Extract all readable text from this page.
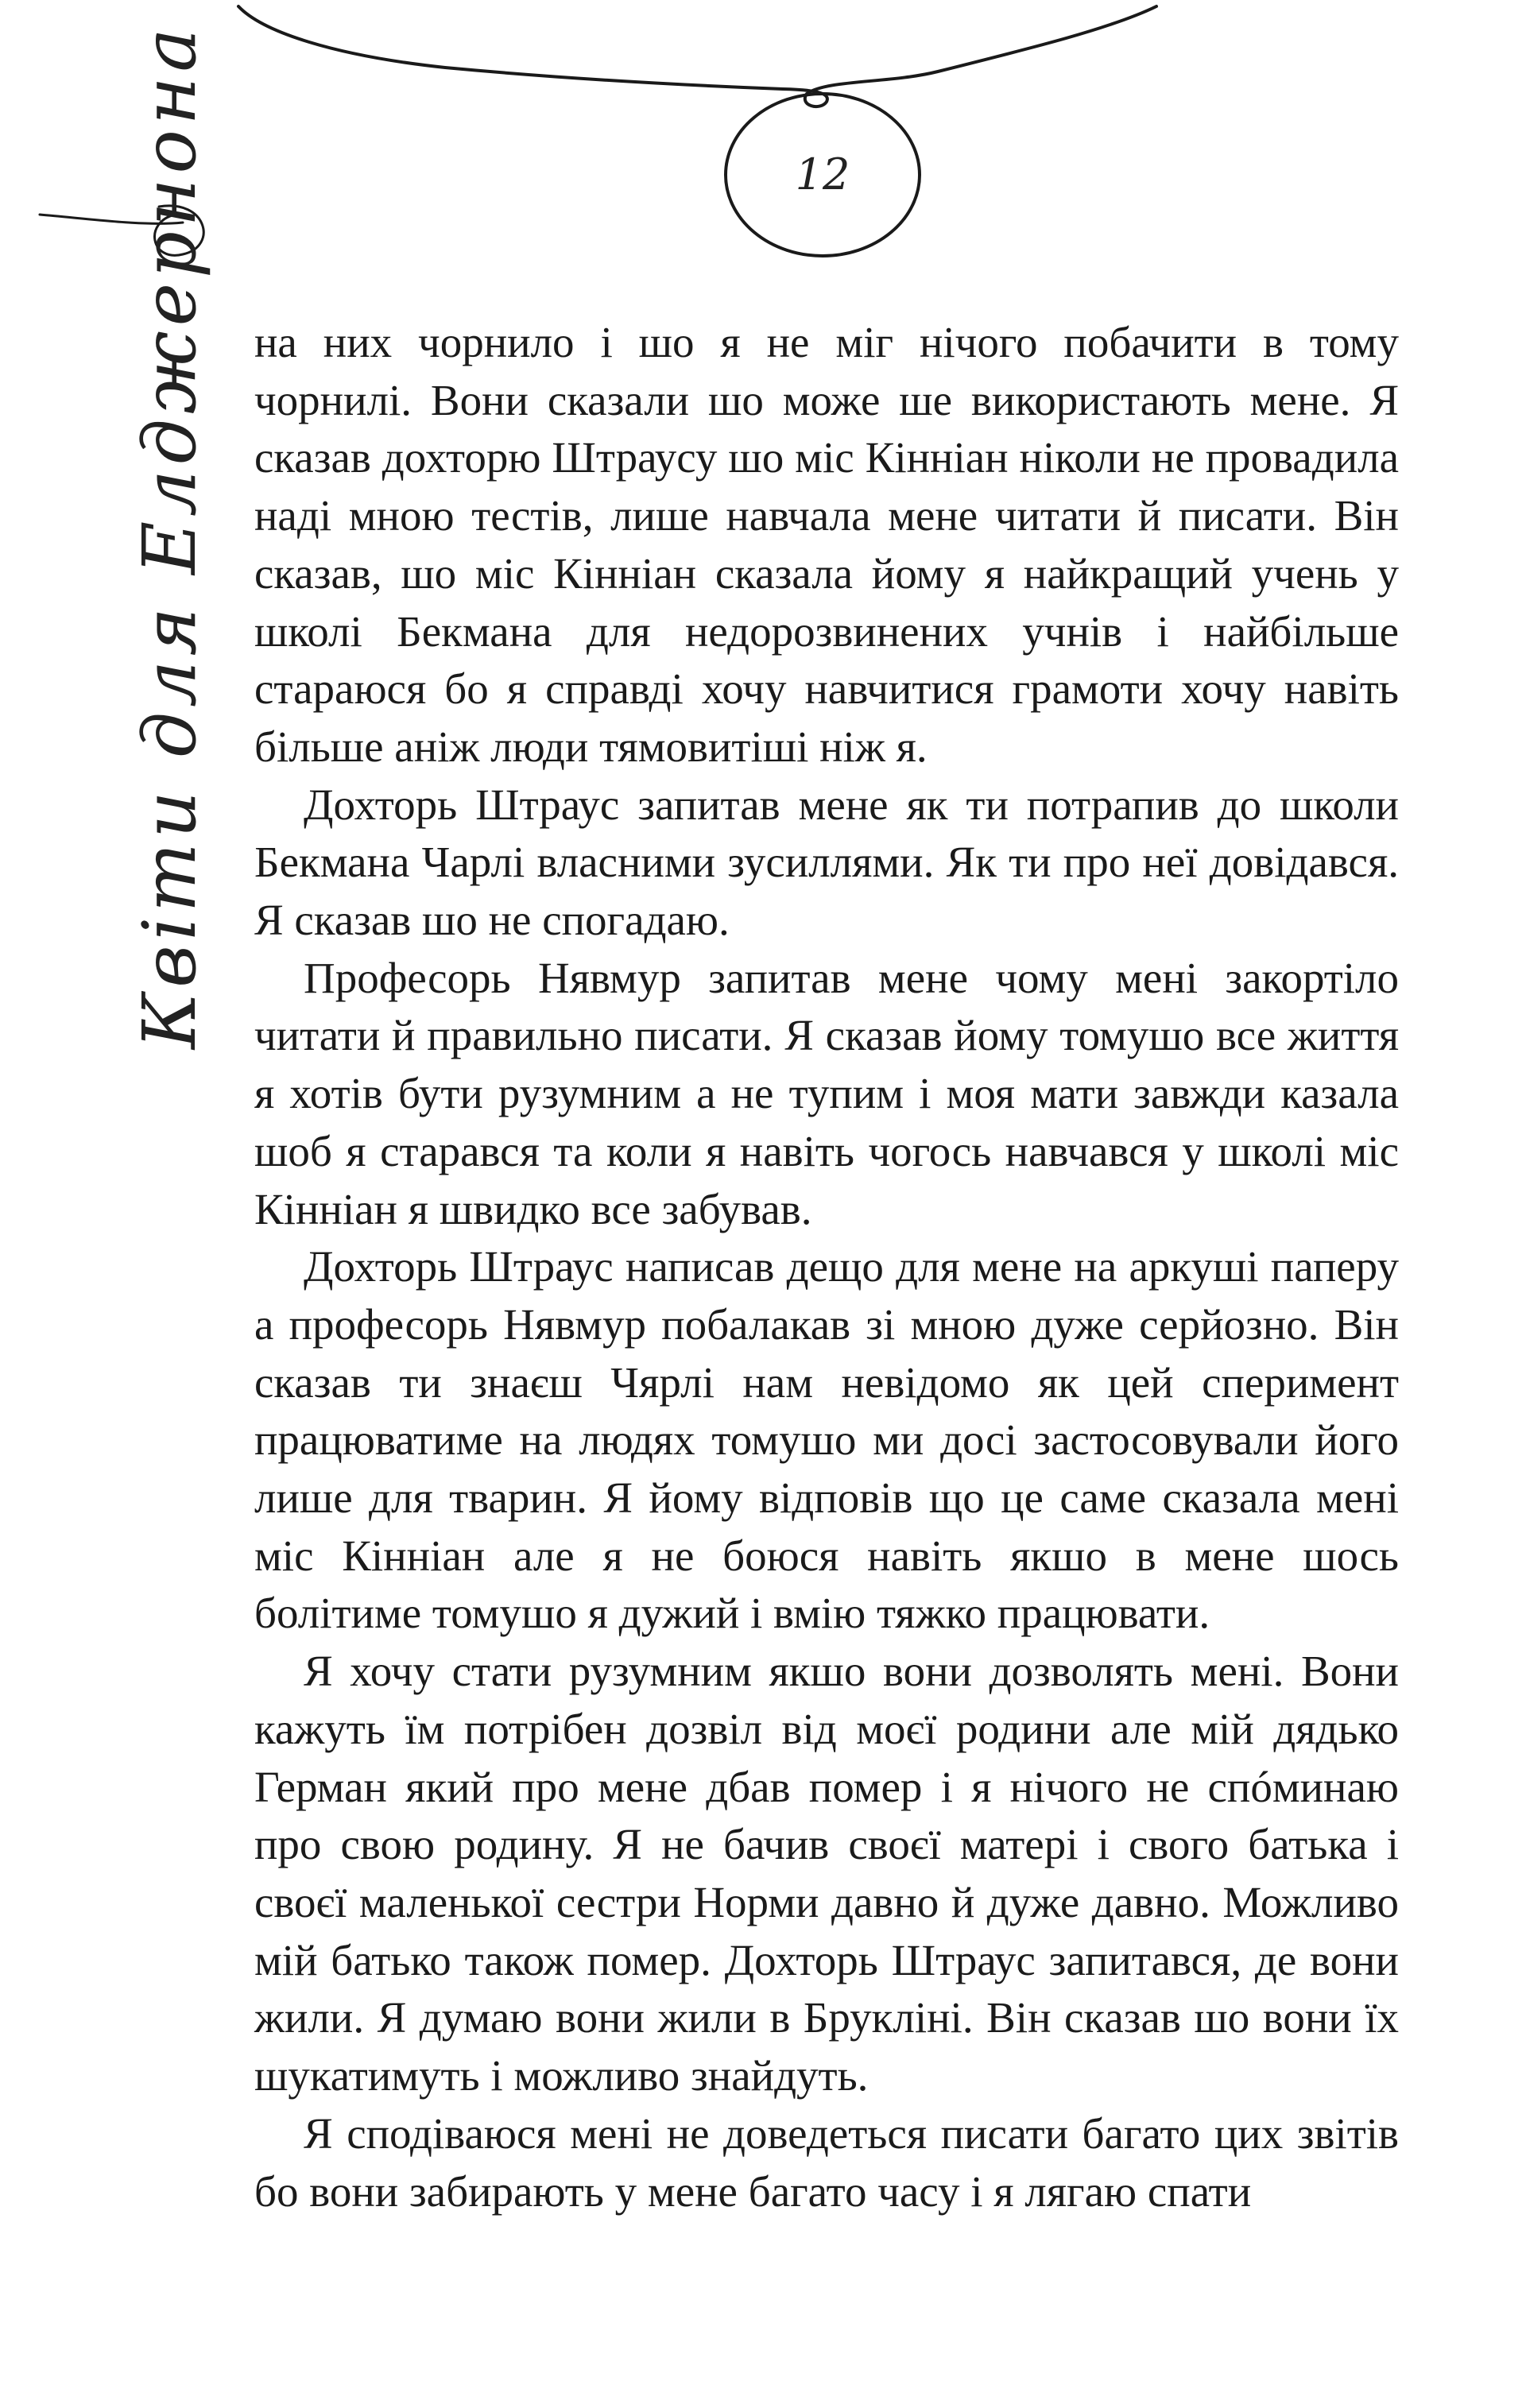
12
Квіти для Елджернона на них чорнило і шо я не міг нічого побачити в тому чорнилі. Вони сказали шо може ше використають мене. Я сказав дохторю Штраусу шо міс Кінніан ніколи не провадила наді мною тестів, лише навчала мене читати й писати. Він сказав, шо міс Кінніан сказала йому я найкращий учень у школі Бекмана для недорозвинених учнів і найбільше стараюся бо я справді хочу навчитися грамоти хочу навіть більше аніж люди тямовитіші ніж я.

Дохторь Штраус запитав мене як ти потрапив до школи Бекмана Чарлі власними зусиллями. Як ти про неї довідався. Я сказав шо не спогадаю.

Професорь Нявмур запитав мене чому мені закортіло читати й правильно писати. Я сказав йому томушо все життя я хотів бути рузумним а не тупим і моя мати завжди казала шоб я старався та коли я навіть чогось навчався у школі міс Кінніан я швидко все забував.

Дохторь Штраус написав дещо для мене на аркуші паперу а професорь Нявмур побалакав зі мною дуже серйозно. Він сказав ти знаєш Чярлі нам невідомо як цей сперимент працюватиме на людях томушо ми досі застосовували його лише для тварин. Я йому відповів що це саме сказала мені міс Кінніан але я не боюся навіть якшо в мене шось болітиме томушо я дужий і вмію тяжко працювати.

Я хочу стати рузумним якшо вони дозволять мені. Вони кажуть їм потрібен дозвіл від моєї родини але мій дядько Герман який про мене дбав помер і я нічого не спóминаю про свою родину. Я не бачив своєї матері і свого батька і своєї маленької сестри Норми давно й дуже давно. Можливо мій батько також помер. Дохторь Штраус запитався, де вони жили. Я думаю вони жили в Брукліні. Він сказав шо вони їх шукатимуть і можливо знайдуть.

Я сподіваюся мені не доведеться писати багато цих звітів бо вони забирають у мене багато часу і я лягаю спати
